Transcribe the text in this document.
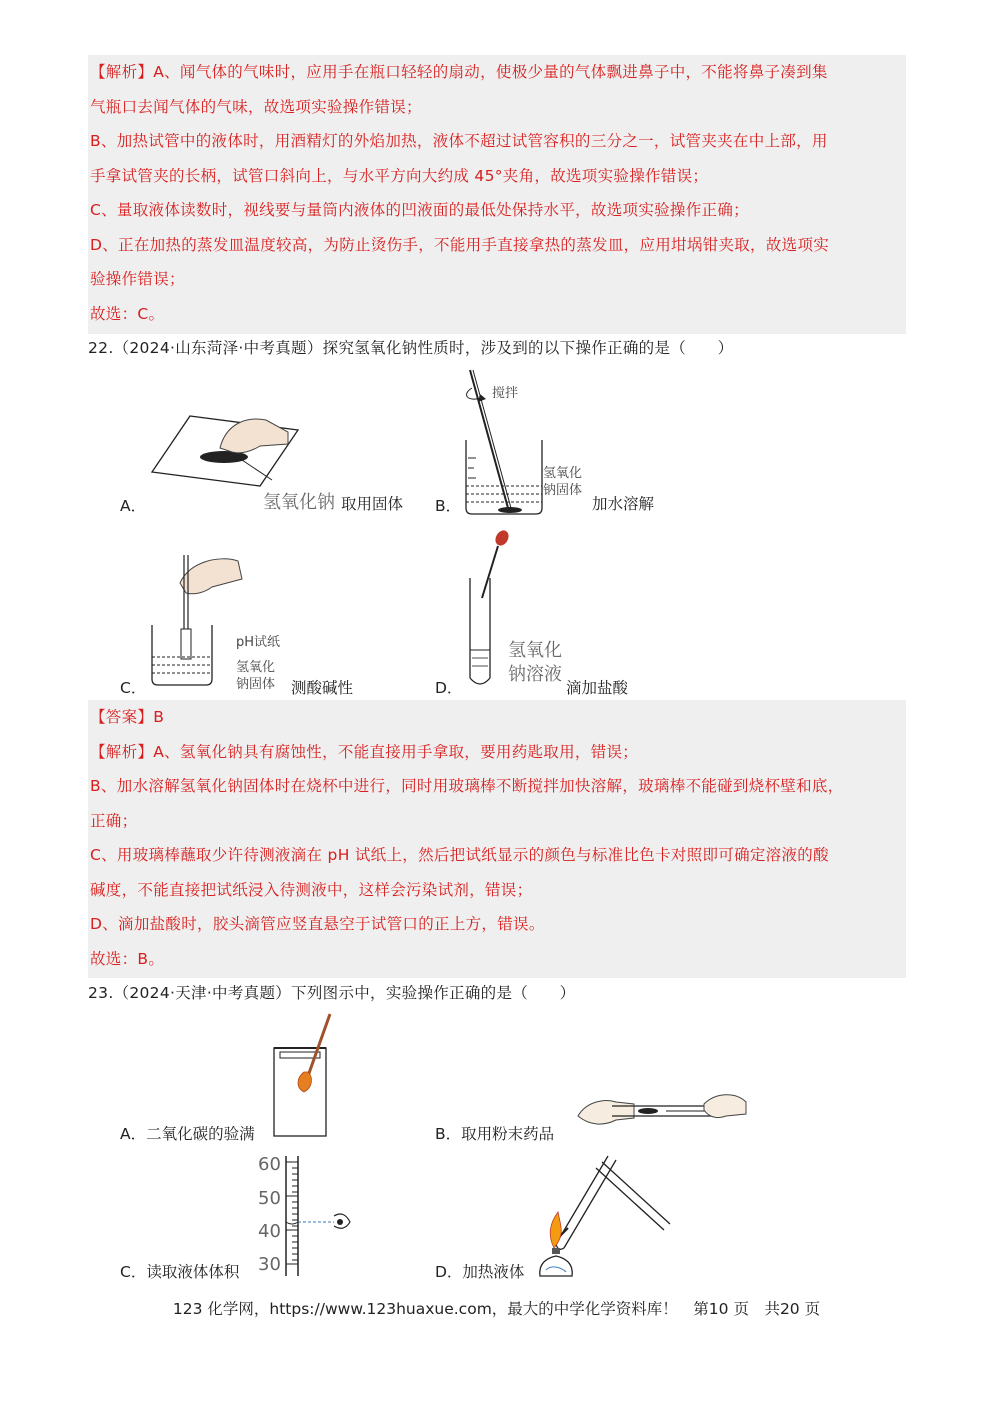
【解析】A、闻气体的气味时，应用手在瓶口轻轻的扇动，使极少量的气体飘进鼻子中，不能将鼻子凑到集

气瓶口去闻气体的气味，故选项实验操作错误；

B、加热试管中的液体时，用酒精灯的外焰加热，液体不超过试管容积的三分之一，试管夹夹在中上部，用

手拿试管夹的长柄，试管口斜向上，与水平方向大约成 45°夹角，故选项实验操作错误；

C、量取液体读数时，视线要与量筒内液体的凹液面的最低处保持水平，故选项实验操作正确；

D、正在加热的蒸发皿温度较高，为防止烫伤手，不能用手直接拿热的蒸发皿，应用坩埚钳夹取，故选项实

验操作错误；

故选：C。

22.（2024·山东菏泽·中考真题）探究氢氧化钠性质时，涉及到的以下操作正确的是（　　）
A．	氢氧化钠 取用固体
搅拌
氢氧化
钠固体
B．	加水溶解
pH试纸
氢氧化
钠固体
C．	测酸碱性
氢氧化
钠溶液
D．	滴加盐酸

【答案】B

【解析】A、氢氧化钠具有腐蚀性，不能直接用手拿取，要用药匙取用，错误；

B、加水溶解氢氧化钠固体时在烧杯中进行，同时用玻璃棒不断搅拌加快溶解，玻璃棒不能碰到烧杯壁和底，

正确；

C、用玻璃棒蘸取少许待测液滴在 pH 试纸上，然后把试纸显示的颜色与标准比色卡对照即可确定溶液的酸

碱度，不能直接把试纸浸入待测液中，这样会污染试剂，错误；

D、滴加盐酸时，胶头滴管应竖直悬空于试管口的正上方，错误。

故选：B。

23.（2024·天津·中考真题）下列图示中，实验操作正确的是（　　）
A．二氧化碳的验满	B．取用粉末药品
60
50
40
30
C．读取液体体积	D．加热液体
123 化学网，https://www.123huaxue.com，最大的中学化学资料库！　第10 页　共20 页
